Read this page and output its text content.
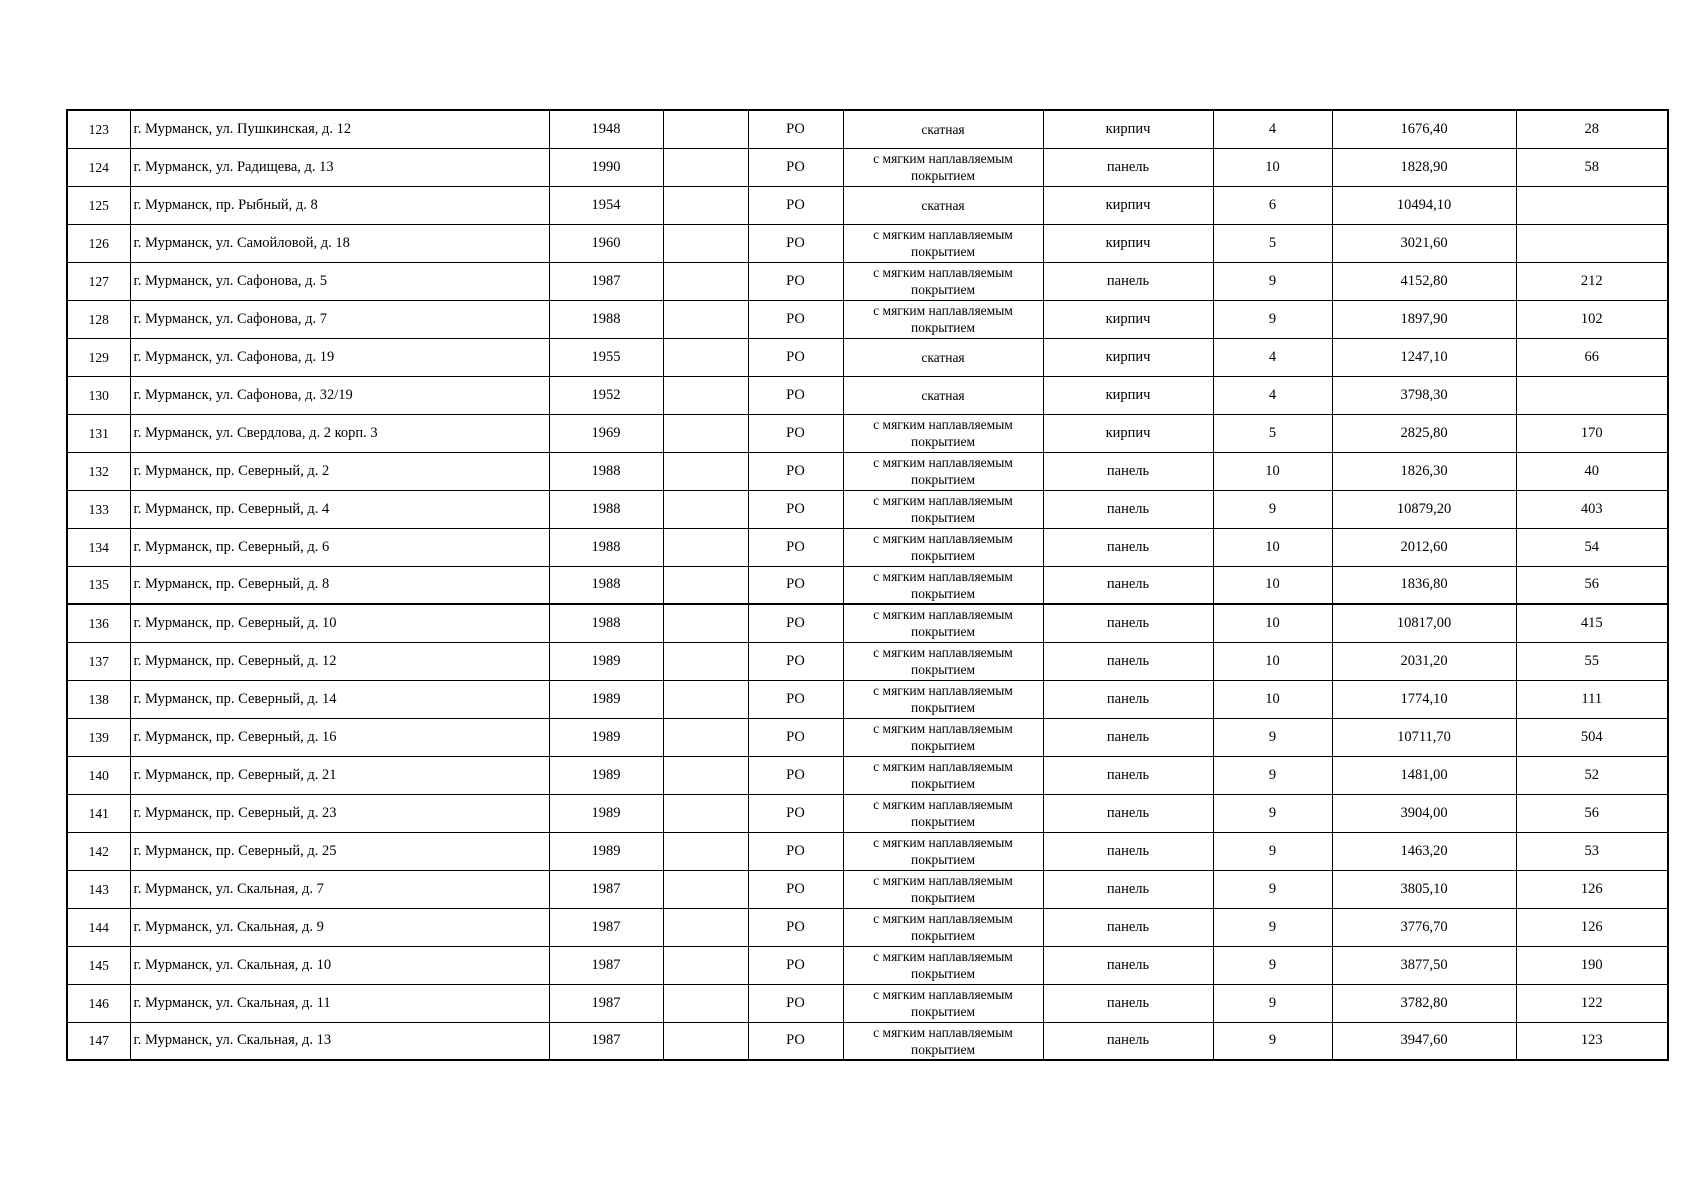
123	г. Мурманск, ул. Пушкинская, д. 12	1948		РО	скатная	кирпич	4	1676,40	28
124	г. Мурманск, ул. Радищева, д. 13	1990		РО	с мягким наплавляемым покрытием	панель	10	1828,90	58
125	г. Мурманск, пр. Рыбный, д. 8	1954		РО	скатная	кирпич	6	10494,10	
126	г. Мурманск, ул. Самойловой, д. 18	1960		РО	с мягким наплавляемым покрытием	кирпич	5	3021,60	
127	г. Мурманск, ул. Сафонова, д. 5	1987		РО	с мягким наплавляемым покрытием	панель	9	4152,80	212
128	г. Мурманск, ул. Сафонова, д. 7	1988		РО	с мягким наплавляемым покрытием	кирпич	9	1897,90	102
129	г. Мурманск, ул. Сафонова, д. 19	1955		РО	скатная	кирпич	4	1247,10	66
130	г. Мурманск, ул. Сафонова, д. 32/19	1952		РО	скатная	кирпич	4	3798,30	
131	г. Мурманск, ул. Свердлова, д. 2 корп. 3	1969		РО	с мягким наплавляемым покрытием	кирпич	5	2825,80	170
132	г. Мурманск, пр. Северный, д. 2	1988		РО	с мягким наплавляемым покрытием	панель	10	1826,30	40
133	г. Мурманск, пр. Северный, д. 4	1988		РО	с мягким наплавляемым покрытием	панель	9	10879,20	403
134	г. Мурманск, пр. Северный, д. 6	1988		РО	с мягким наплавляемым покрытием	панель	10	2012,60	54
135	г. Мурманск, пр. Северный, д. 8	1988		РО	с мягким наплавляемым покрытием	панель	10	1836,80	56
136	г. Мурманск, пр. Северный, д. 10	1988		РО	с мягким наплавляемым покрытием	панель	10	10817,00	415
137	г. Мурманск, пр. Северный, д. 12	1989		РО	с мягким наплавляемым покрытием	панель	10	2031,20	55
138	г. Мурманск, пр. Северный, д. 14	1989		РО	с мягким наплавляемым покрытием	панель	10	1774,10	111
139	г. Мурманск, пр. Северный, д. 16	1989		РО	с мягким наплавляемым покрытием	панель	9	10711,70	504
140	г. Мурманск, пр. Северный, д. 21	1989		РО	с мягким наплавляемым покрытием	панель	9	1481,00	52
141	г. Мурманск, пр. Северный, д. 23	1989		РО	с мягким наплавляемым покрытием	панель	9	3904,00	56
142	г. Мурманск, пр. Северный, д. 25	1989		РО	с мягким наплавляемым покрытием	панель	9	1463,20	53
143	г. Мурманск, ул. Скальная, д. 7	1987		РО	с мягким наплавляемым покрытием	панель	9	3805,10	126
144	г. Мурманск, ул. Скальная, д. 9	1987		РО	с мягким наплавляемым покрытием	панель	9	3776,70	126
145	г. Мурманск, ул. Скальная, д. 10	1987		РО	с мягким наплавляемым покрытием	панель	9	3877,50	190
146	г. Мурманск, ул. Скальная, д. 11	1987		РО	с мягким наплавляемым покрытием	панель	9	3782,80	122
147	г. Мурманск, ул. Скальная, д. 13	1987		РО	с мягким наплавляемым покрытием	панель	9	3947,60	123
